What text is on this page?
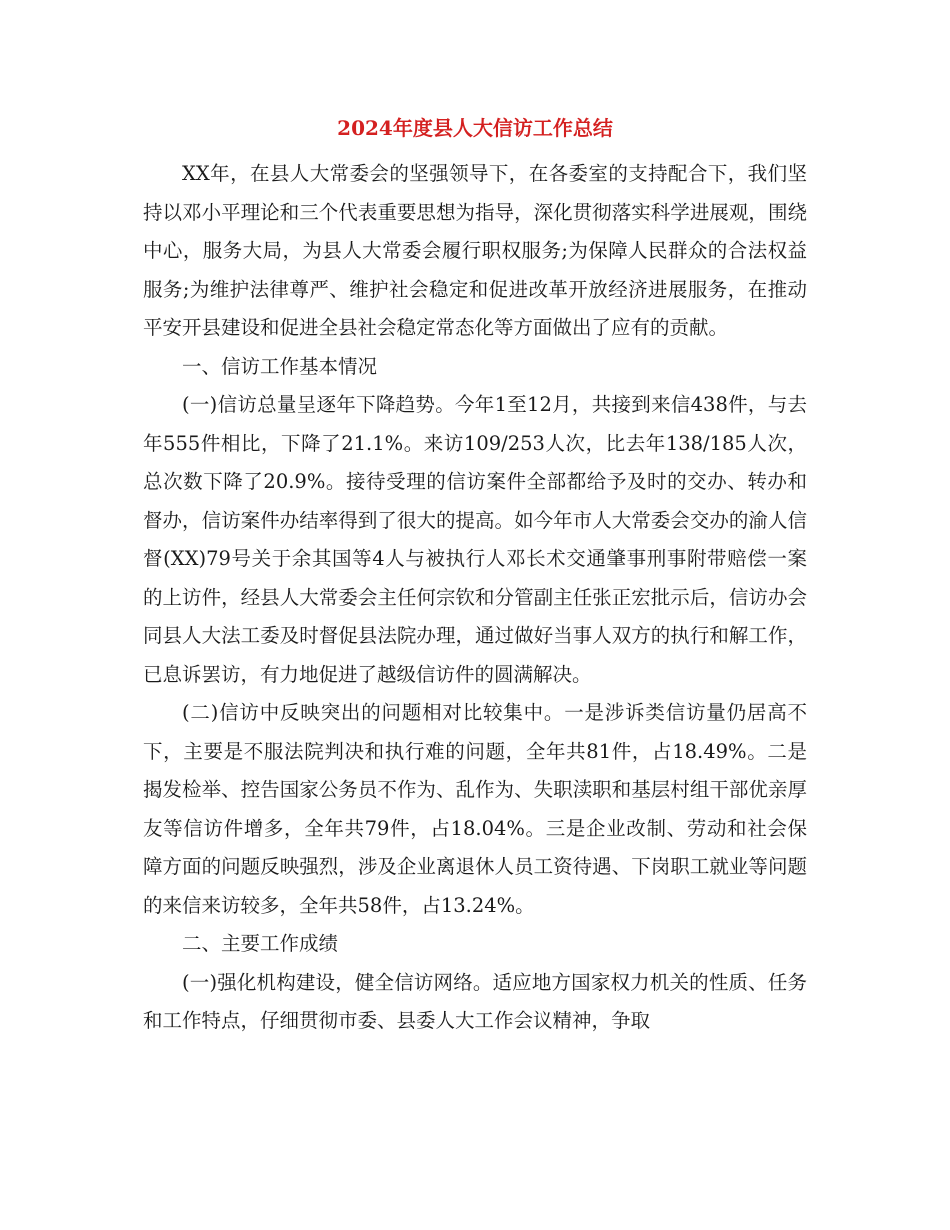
2024年度县人大信访工作总结

XX年，在县人大常委会的坚强领导下，在各委室的支持配合下，我们坚持以邓小平理论和三个代表重要思想为指导，深化贯彻落实科学进展观，围绕中心，服务大局，为县人大常委会履行职权服务;为保障人民群众的合法权益服务;为维护法律尊严、维护社会稳定和促进改革开放经济进展服务，在推动平安开县建设和促进全县社会稳定常态化等方面做出了应有的贡献。

一、信访工作基本情况

(一)信访总量呈逐年下降趋势。今年1至12月，共接到来信438件，与去年555件相比，下降了21.1%。来访109/253人次，比去年138/185人次，总次数下降了20.9%。接待受理的信访案件全部都给予及时的交办、转办和督办，信访案件办结率得到了很大的提高。如今年市人大常委会交办的渝人信督(XX)79号关于余其国等4人与被执行人邓长术交通肇事刑事附带赔偿一案的上访件，经县人大常委会主任何宗钦和分管副主任张正宏批示后，信访办会同县人大法工委及时督促县法院办理，通过做好当事人双方的执行和解工作，已息诉罢访，有力地促进了越级信访件的圆满解决。

(二)信访中反映突出的问题相对比较集中。一是涉诉类信访量仍居高不下，主要是不服法院判决和执行难的问题，全年共81件，占18.49%。二是揭发检举、控告国家公务员不作为、乱作为、失职渎职和基层村组干部优亲厚友等信访件增多，全年共79件，占18.04%。三是企业改制、劳动和社会保障方面的问题反映强烈，涉及企业离退休人员工资待遇、下岗职工就业等问题的来信来访较多，全年共58件，占13.24%。

二、主要工作成绩

(一)强化机构建设，健全信访网络。适应地方国家权力机关的性质、任务和工作特点，仔细贯彻市委、县委人大工作会议精神，争取
